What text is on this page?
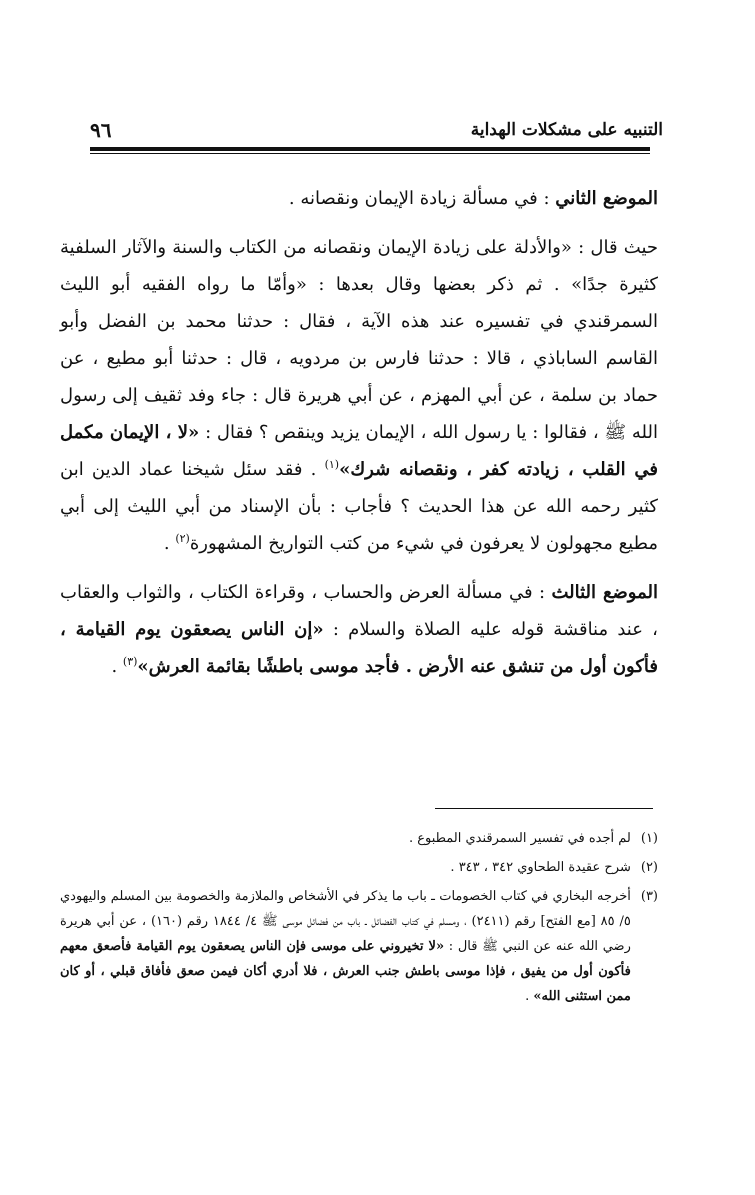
التنبيه على مشكلات الهداية
٩٦

الموضع الثاني : في مسألة زيادة الإيمان ونقصانه .

حيث قال : «والأدلة على زيادة الإيمان ونقصانه من الكتاب والسنة والآثار السلفية كثيرة جدًا» . ثم ذكر بعضها وقال بعدها : «وأمّا ما رواه الفقيه أبو الليث السمرقندي في تفسيره عند هذه الآية ، فقال : حدثنا محمد بن الفضل وأبو القاسم الساباذي ، قالا : حدثنا فارس بن مردويه ، قال : حدثنا أبو مطيع ، عن حماد بن سلمة ، عن أبي المهزم ، عن أبي هريرة قال : جاء وفد ثقيف إلى رسول الله ﷺ ، فقالوا : يا رسول الله ، الإيمان يزيد وينقص ؟ فقال : «لا ، الإيمان مكمل في القلب ، زيادته كفر ، ونقصانه شرك»$^{(١)}$ . فقد سئل شيخنا عماد الدين ابن كثير رحمه الله عن هذا الحديث ؟ فأجاب : بأن الإسناد من أبي الليث إلى أبي مطيع مجهولون لا يعرفون في شيء من كتب التواريخ المشهورة$^{(٢)}$ .

الموضع الثالث : في مسألة العرض والحساب ، وقراءة الكتاب ، والثواب والعقاب ، عند مناقشة قوله عليه الصلاة والسلام : «إن الناس يصعقون يوم القيامة ، فأكون أول من تنشق عنه الأرض . فأجد موسى باطشًا بقائمة العرش»$^{(٣)}$ .

(١)
لم أجده في تفسير السمرقندي المطبوع .
(٢)
شرح عقيدة الطحاوي ٣٤٢ ، ٣٤٣ .
(٣)
أخرجه البخاري في كتاب الخصومات ـ باب ما يذكر في الأشخاص والملازمة والخصومة بين المسلم واليهودي ٥/ ٨٥ [مع الفتح] رقم (٢٤١١) ، ومسلم في كتاب الفضائل ـ باب من فضائل موسى ﷺ ٤/ ١٨٤٤ رقم (١٦٠) ، عن أبي هريرة رضي الله عنه عن النبي ﷺ قال : «لا تخيروني على موسى فإن الناس يصعقون يوم القيامة فأصعق معهم فأكون أول من يفيق ، فإذا موسى باطش جنب العرش ، فلا أدري أكان فيمن صعق فأفاق قبلي ، أو كان ممن استثنى الله» .
